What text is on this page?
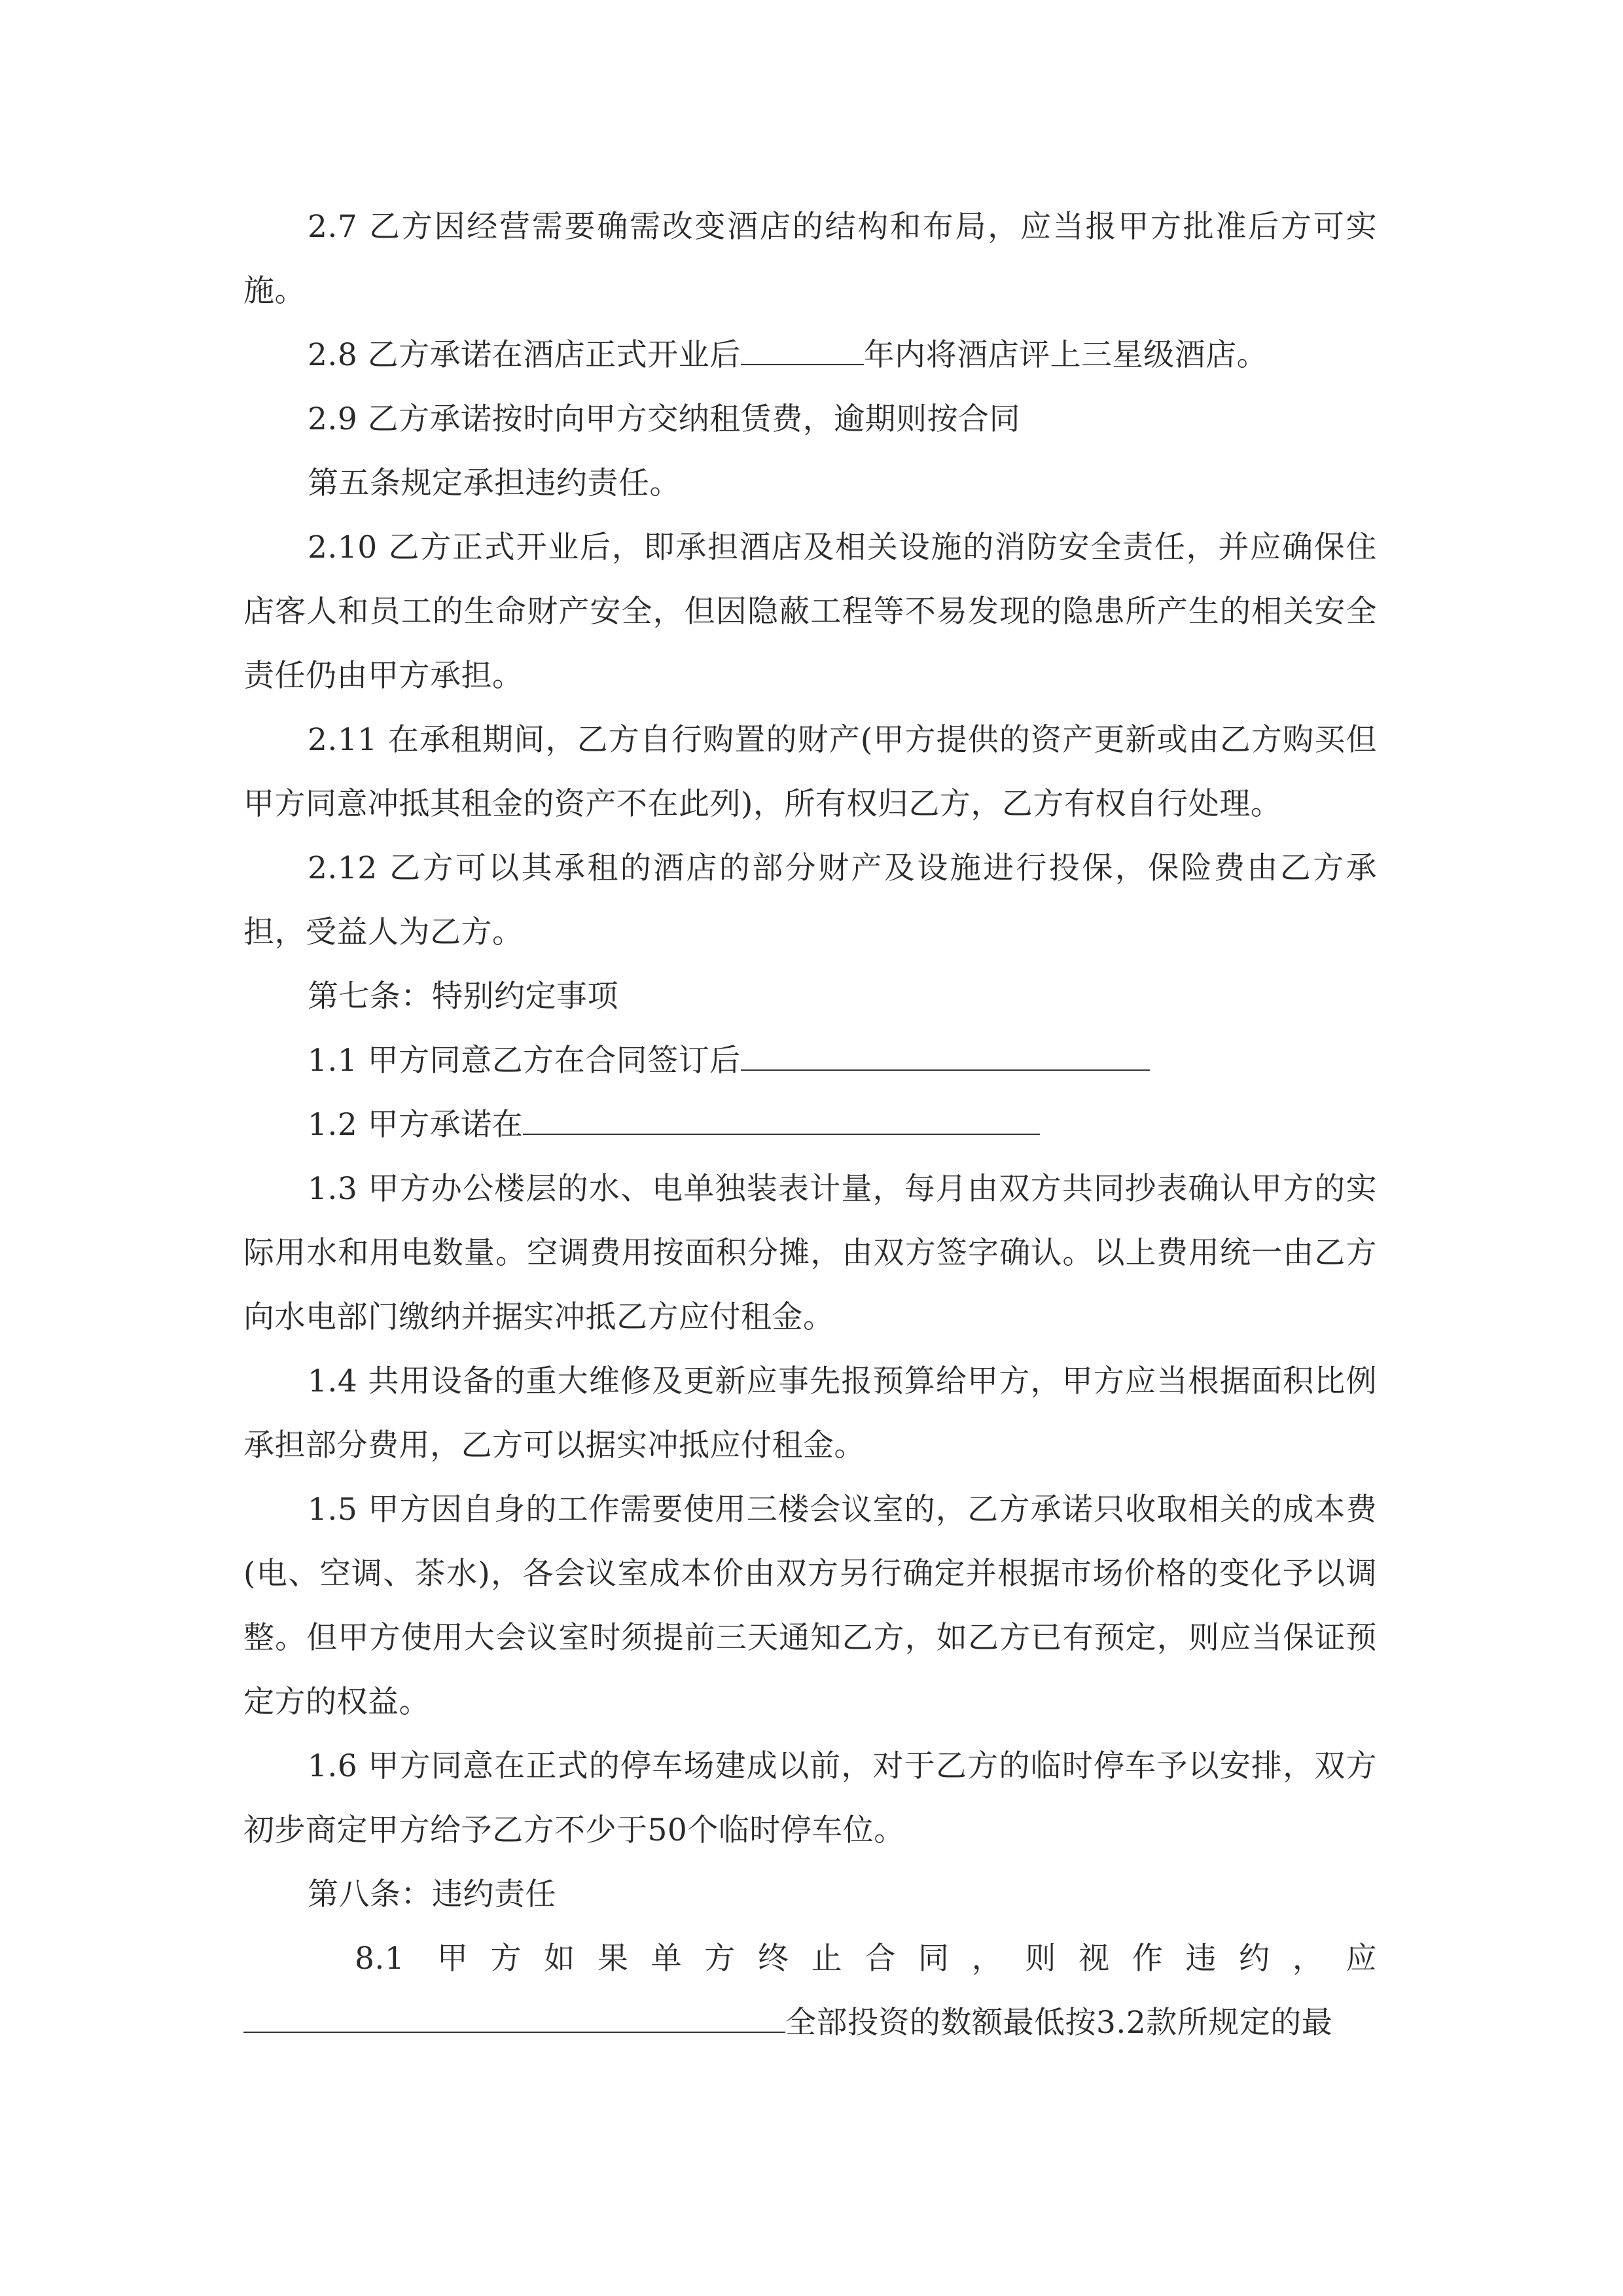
2.7 乙方因经营需要确需改变酒店的结构和布局，应当报甲方批准后方可实施。

2.8 乙方承诺在酒店正式开业后	年内将酒店评上三星级酒店。

2.9 乙方承诺按时向甲方交纳租赁费，逾期则按合同

第五条规定承担违约责任。

2.10 乙方正式开业后，即承担酒店及相关设施的消防安全责任，并应确保住店客人和员工的生命财产安全，但因隐蔽工程等不易发现的隐患所产生的相关安全责任仍由甲方承担。

2.11 在承租期间，乙方自行购置的财产(甲方提供的资产更新或由乙方购买但甲方同意冲抵其租金的资产不在此列)，所有权归乙方，乙方有权自行处理。

2.12 乙方可以其承租的酒店的部分财产及设施进行投保，保险费由乙方承担，受益人为乙方。

第七条：特别约定事项

1.1 甲方同意乙方在合同签订后

1.2 甲方承诺在

1.3 甲方办公楼层的水、电单独装表计量，每月由双方共同抄表确认甲方的实际用水和用电数量。空调费用按面积分摊，由双方签字确认。以上费用统一由乙方向水电部门缴纳并据实冲抵乙方应付租金。

1.4 共用设备的重大维修及更新应事先报预算给甲方，甲方应当根据面积比例承担部分费用，乙方可以据实冲抵应付租金。

1.5 甲方因自身的工作需要使用三楼会议室的，乙方承诺只收取相关的成本费(电、空调、茶水)，各会议室成本价由双方另行确定并根据市场价格的变化予以调整。但甲方使用大会议室时须提前三天通知乙方，如乙方已有预定，则应当保证预定方的权益。

1.6 甲方同意在正式的停车场建成以前，对于乙方的临时停车予以安排，双方初步商定甲方给予乙方不少于50个临时停车位。

第八条：违约责任

8.1 甲方如果单方终止合同，则视作违约，应

全部投资的数额最低按3.2款所规定的最
